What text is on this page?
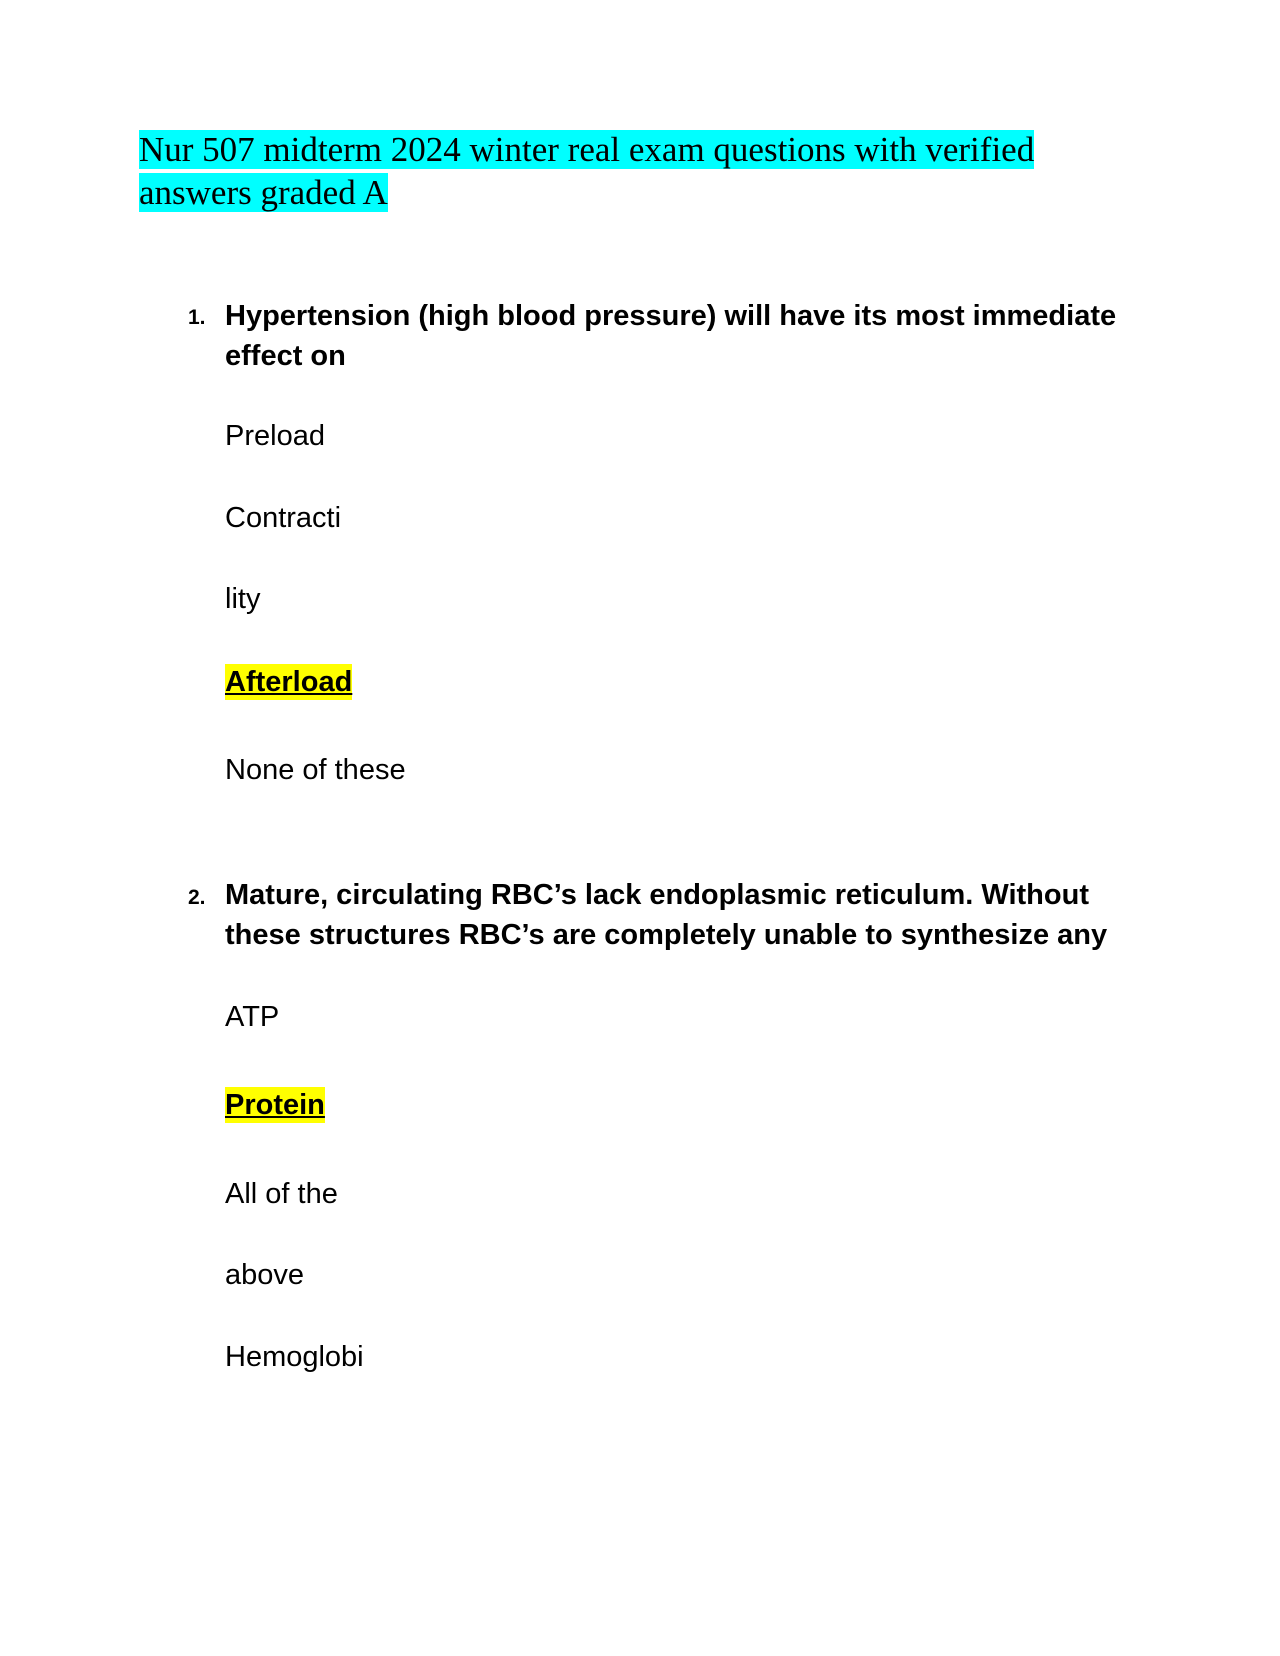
Nur 507 midterm 2024 winter real exam questions with verified answers graded A
1. Hypertension (high blood pressure) will have its most immediate effect on
Preload
Contracti
lity
Afterload
None of these
2. Mature, circulating RBC’s lack endoplasmic reticulum. Without these structures RBC’s are completely unable to synthesize any
ATP
Protein
All of the
above
Hemoglobi
